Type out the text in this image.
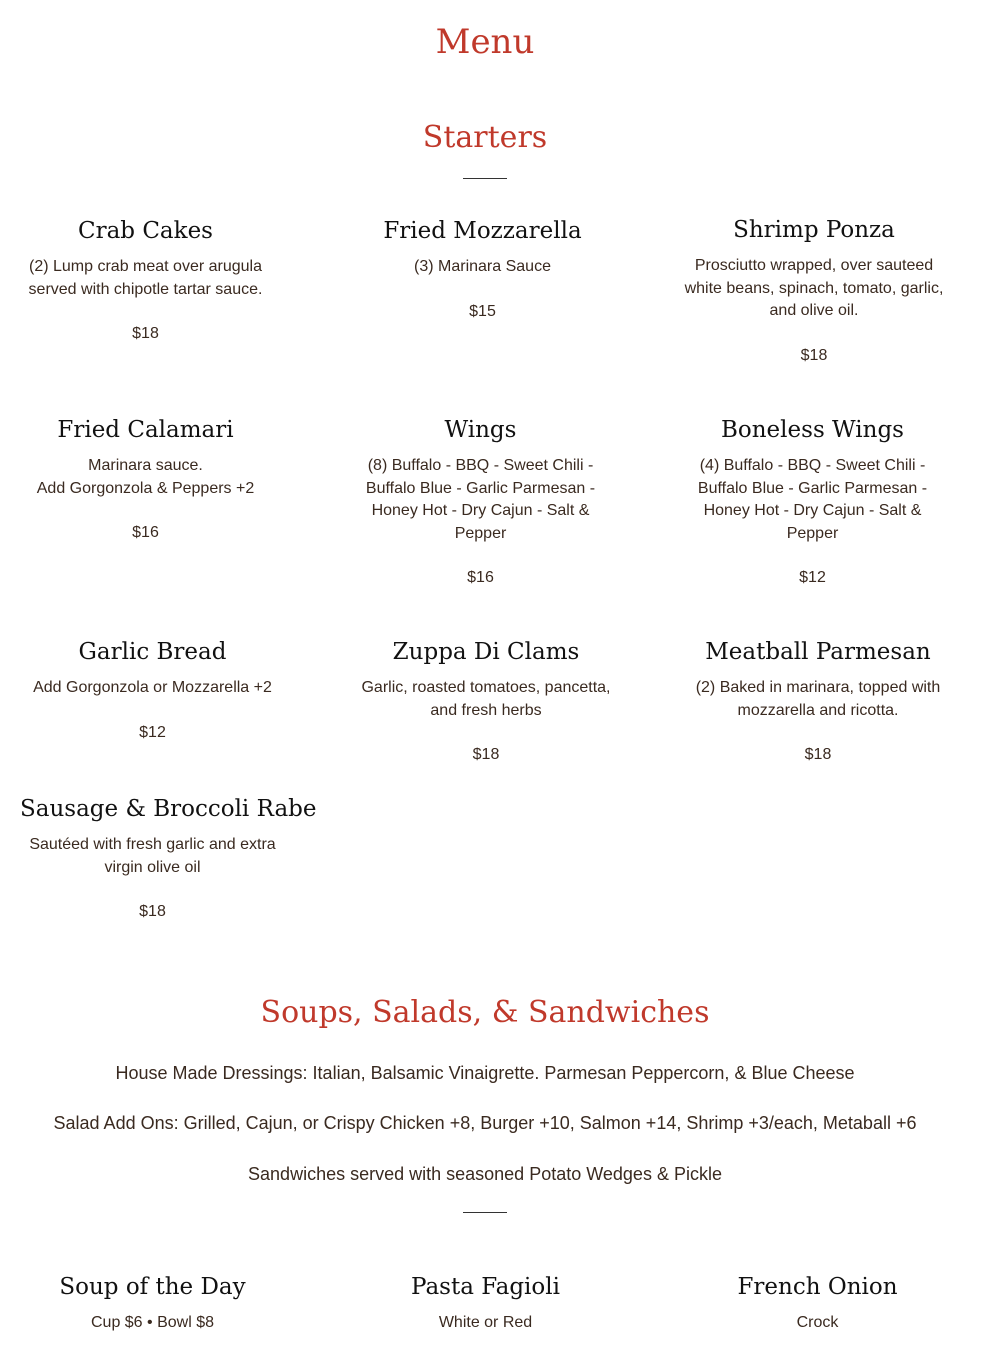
Menu
Starters
Crab Cakes

(2) Lump crab meat over arugula served with chipotle tartar sauce.

$18

Fried Mozzarella

(3) Marinara Sauce

$15

Shrimp Ponza

Prosciutto wrapped, over sauteed white beans, spinach, tomato, garlic, and olive oil.

$18

Fried Calamari

Marinara sauce.
Add Gorgonzola & Peppers +2

$16

Wings

(8) Buffalo - BBQ - Sweet Chili - Buffalo Blue - Garlic Parmesan - Honey Hot - Dry Cajun - Salt & Pepper

$16

Boneless Wings

(4) Buffalo - BBQ - Sweet Chili - Buffalo Blue - Garlic Parmesan - Honey Hot - Dry Cajun - Salt & Pepper

$12

Garlic Bread

Add Gorgonzola or Mozzarella +2

$12

Zuppa Di Clams

Garlic, roasted tomatoes, pancetta, and fresh herbs

$18

Meatball Parmesan

(2) Baked in marinara, topped with mozzarella and ricotta.

$18

Sausage & Broccoli Rabe

Sautéed with fresh garlic and extra virgin olive oil

$18

Soups, Salads, & Sandwiches

House Made Dressings: Italian, Balsamic Vinaigrette. Parmesan Peppercorn, & Blue Cheese

Salad Add Ons: Grilled, Cajun, or Crispy Chicken +8, Burger +10, Salmon +14, Shrimp +3/each, Metaball +6

Sandwiches served with seasoned Potato Wedges & Pickle

Soup of the Day

Cup $6 • Bowl $8

Pasta Fagioli

White or Red

French Onion

Crock
